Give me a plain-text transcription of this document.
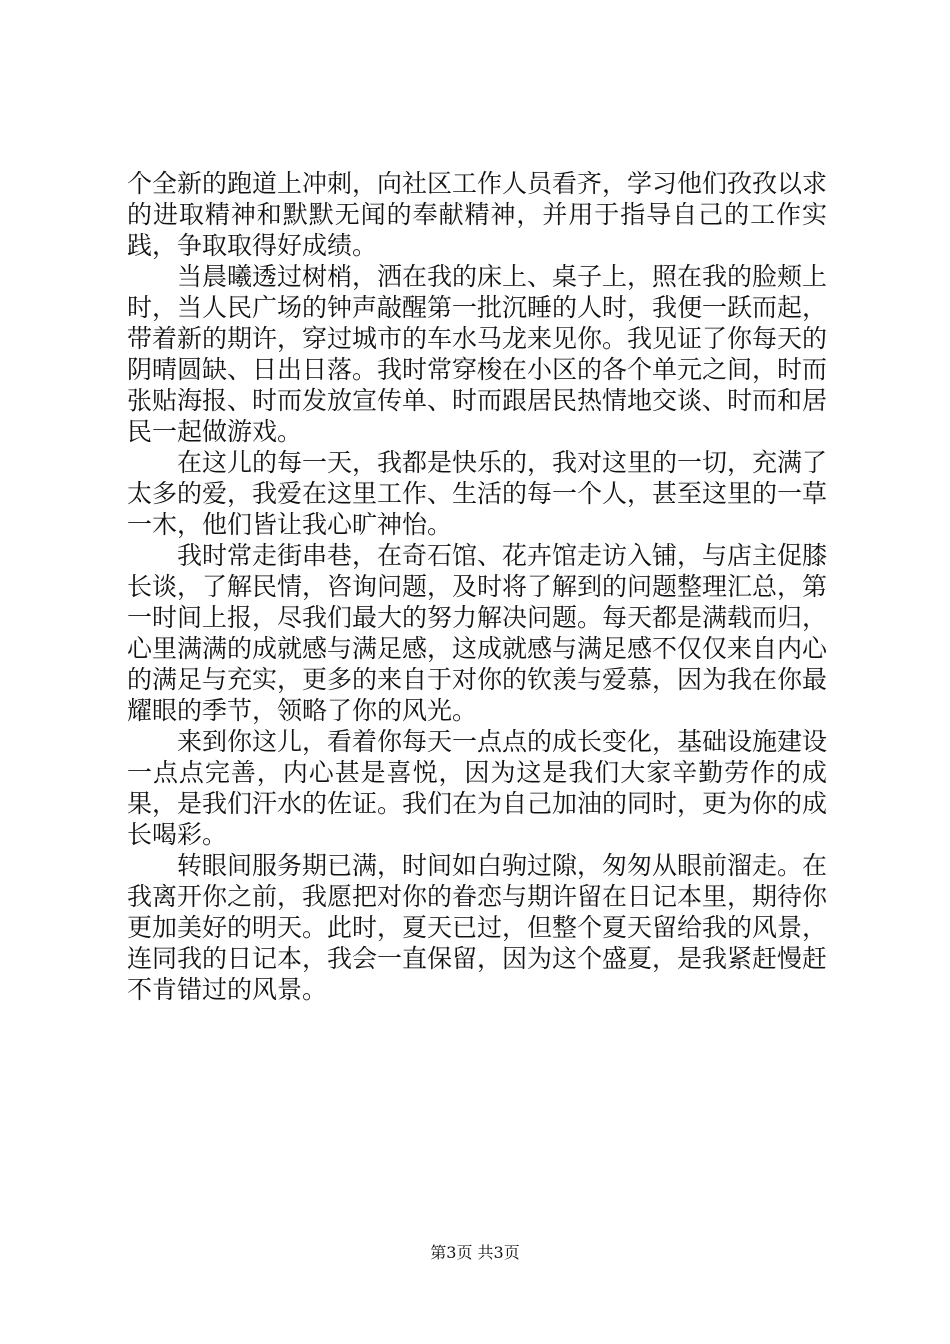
个全新的跑道上冲刺，向社区工作人员看齐，学习他们孜孜以求的进取精神和默默无闻的奉献精神，并用于指导自己的工作实践，争取取得好成绩。

当晨曦透过树梢，洒在我的床上、桌子上，照在我的脸颊上时，当人民广场的钟声敲醒第一批沉睡的人时，我便一跃而起，带着新的期许，穿过城市的车水马龙来见你。我见证了你每天的阴晴圆缺、日出日落。我时常穿梭在小区的各个单元之间，时而张贴海报、时而发放宣传单、时而跟居民热情地交谈、时而和居民一起做游戏。

在这儿的每一天，我都是快乐的，我对这里的一切，充满了太多的爱，我爱在这里工作、生活的每一个人，甚至这里的一草一木，他们皆让我心旷神怡。

我时常走街串巷，在奇石馆、花卉馆走访入铺，与店主促膝长谈，了解民情，咨询问题，及时将了解到的问题整理汇总，第一时间上报，尽我们最大的努力解决问题。每天都是满载而归，心里满满的成就感与满足感，这成就感与满足感不仅仅来自内心的满足与充实，更多的来自于对你的钦羡与爱慕，因为我在你最耀眼的季节，领略了你的风光。

来到你这儿，看着你每天一点点的成长变化，基础设施建设一点点完善，内心甚是喜悦，因为这是我们大家辛勤劳作的成果，是我们汗水的佐证。我们在为自己加油的同时，更为你的成长喝彩。

转眼间服务期已满，时间如白驹过隙，匆匆从眼前溜走。在我离开你之前，我愿把对你的眷恋与期许留在日记本里，期待你更加美好的明天。此时，夏天已过，但整个夏天留给我的风景，连同我的日记本，我会一直保留，因为这个盛夏，是我紧赶慢赶不肯错过的风景。

第3页 共3页
